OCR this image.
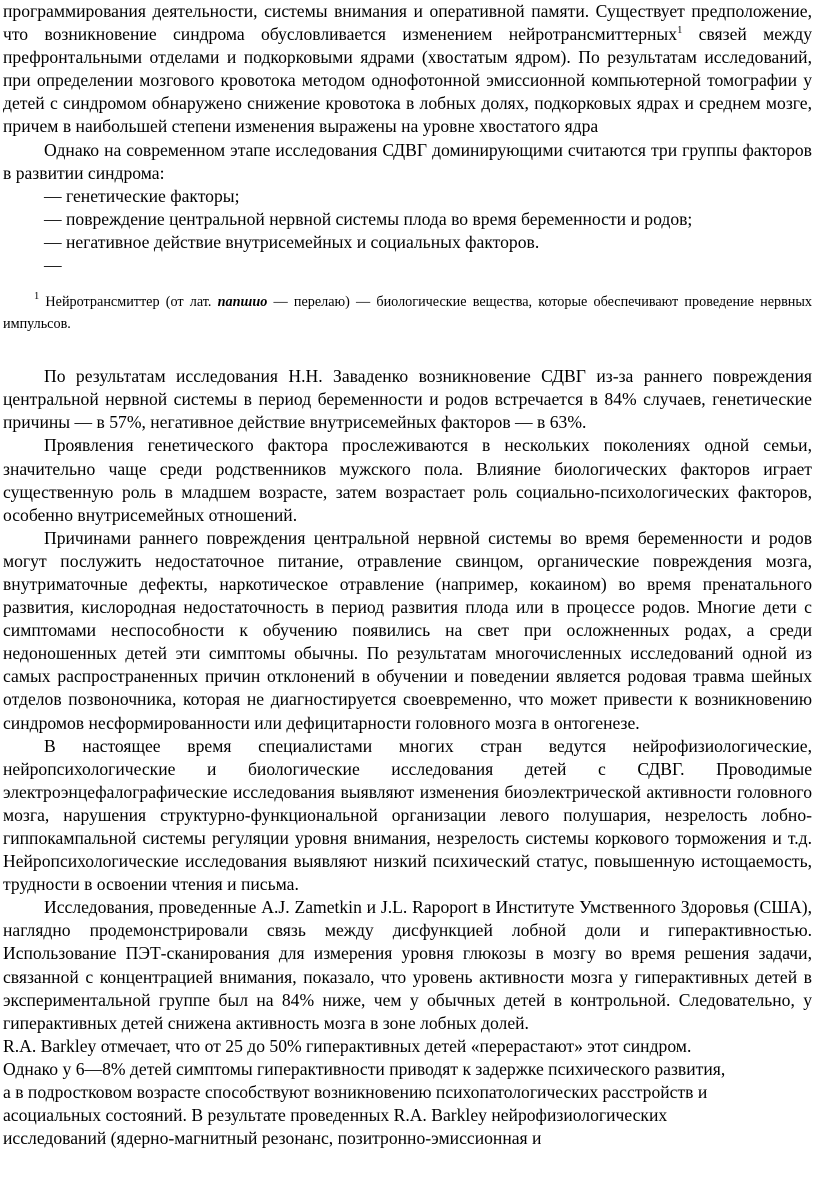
программирования деятельности, системы внимания и оперативной памяти. Существует предположение, что возникновение синдрома обусловливается изменением нейротрансмиттерных$^1$ связей между префронтальными отделами и подкорковыми ядрами (хвостатым ядром). По результатам исследований, при определении мозгового кровотока методом однофотонной эмиссионной компьютерной томографии у детей с синдромом обнаружено снижение кровотока в лобных долях, подкорковых ядрах и среднем мозге, причем в наибольшей степени изменения выражены на уровне хвостатого ядра

Однако на современном этапе исследования СДВГ доминирующими считаются три группы факторов в развитии синдрома:

— генетические факторы;

— повреждение центральной нервной системы плода во время беременности и родов;

— негативное действие внутрисемейных и социальных факторов.

—

$^1$ Нейротрансмиттер (от лат. папшио — перелаю) — биологические вещества, которые обеспечивают проведение нервных импульсов.

По результатам исследования Н.Н. Заваденко возникновение СДВГ из-за раннего повреждения центральной нервной системы в период беременности и родов встречается в 84% случаев, генетические причины — в 57%, негативное действие внутрисемейных факторов — в 63%.

Проявления генетического фактора прослеживаются в нескольких поколениях одной семьи, значительно чаще среди родственников мужского пола. Влияние биологических факторов играет существенную роль в младшем возрасте, затем возрастает роль социально-психологических факторов, особенно внутрисемейных отношений.

Причинами раннего повреждения центральной нервной системы во время беременности и родов могут послужить недостаточное питание, отравление свинцом, органические повреждения мозга, внутриматочные дефекты, наркотическое отравление (например, кокаином) во время пренатального развития, кислородная недостаточность в период развития плода или в процессе родов. Многие дети с симптомами неспособности к обучению появились на свет при осложненных родах, а среди недоношенных детей эти симптомы обычны. По результатам многочисленных исследований одной из самых распространенных причин отклонений в обучении и поведении является родовая травма шейных отделов позвоночника, которая не диагностируется своевременно, что может привести к возникновению синдромов несформированности или дефицитарности головного мозга в онтогенезе.

В настоящее время специалистами многих стран ведутся нейрофизиологические, нейропсихологические и биологические исследования детей с СДВГ. Проводимые электроэнцефалографические исследования выявляют изменения биоэлектрической активности головного мозга, нарушения структурно-функциональной организации левого полушария, незрелость лобно-гиппокампальной системы регуляции уровня внимания, незрелость системы коркового торможения и т.д. Нейропсихологические исследования выявляют низкий психический статус, повышенную истощаемость, трудности в освоении чтения и письма.

Исследования, проведенные A.J. Zametkin и J.L. Rapoport в Институте Умственного Здоровья (США), наглядно продемонстрировали связь между дисфункцией лобной доли и гиперактивностью. Использование ПЭТ-сканирования для измерения уровня глюкозы в мозгу во время решения задачи, связанной с концентрацией внимания, показало, что уровень активности мозга у гиперактивных детей в экспериментальной группе был на 84% ниже, чем у обычных детей в контрольной. Следовательно, у гиперактивных детей снижена активность мозга в зоне лобных долей.

R.A. Barkley отмечает, что от 25 до 50% гиперактивных детей «перерастают» этот синдром.

Однако у 6—8% детей симптомы гиперактивности приводят к задержке психического развития,

а в подростковом возрасте способствуют возникновению психопатологических расстройств и

асоциальных состояний. В результате проведенных R.A. Barkley нейрофизиологических

исследований (ядерно-магнитный резонанс, позитронно-эмиссионная и
